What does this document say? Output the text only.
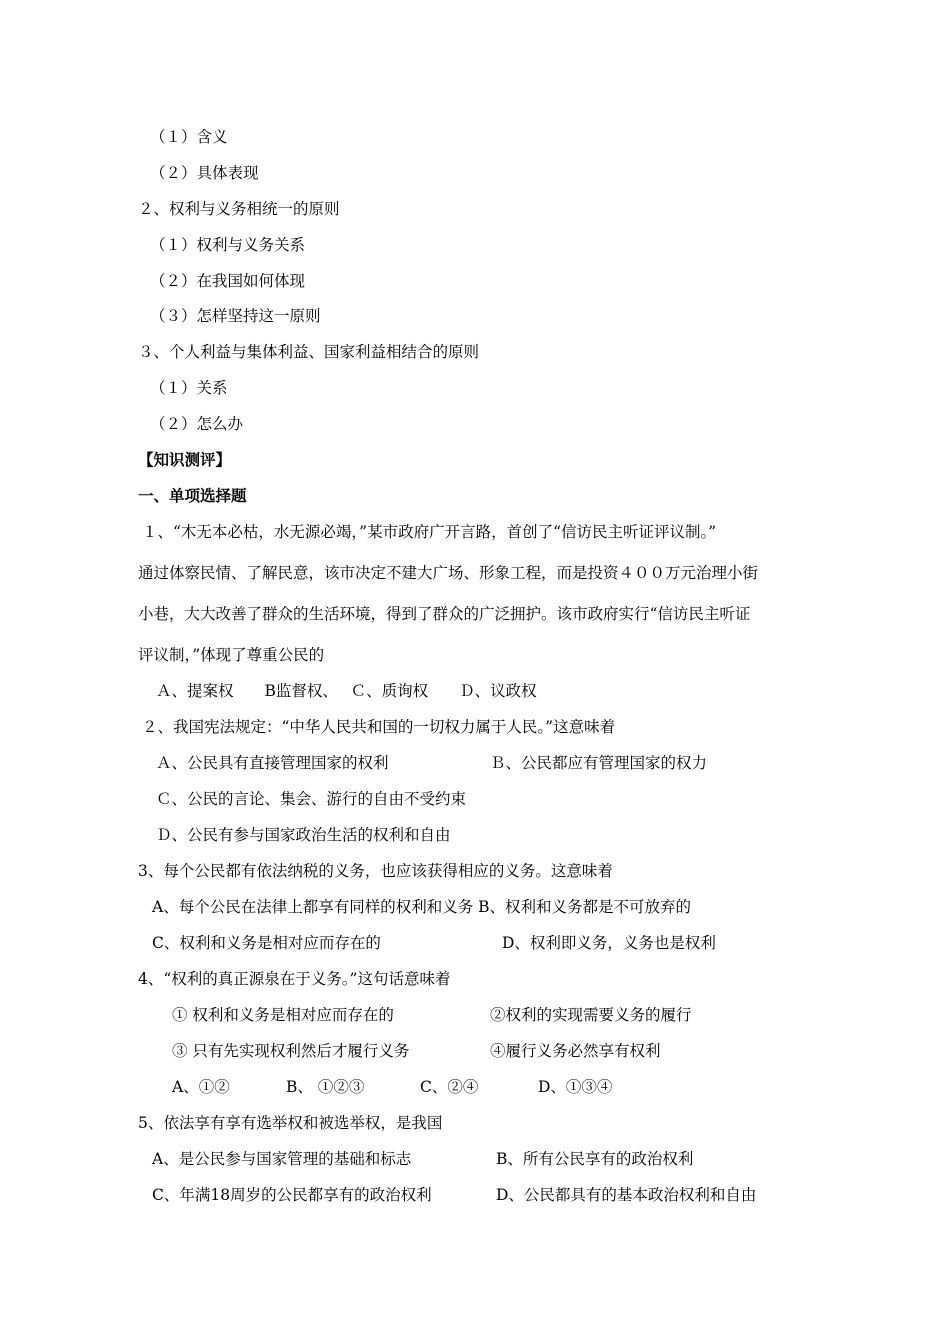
（１）含义
（２）具体表现
２、权利与义务相统一的原则
（１）权利与义务关系
（２）在我国如何体现
（３）怎样坚持这一原则
３、个人利益与集体利益、国家利益相结合的原则
（１）关系
（２）怎么办
【知识测评】
一、单项选择题
１、“木无本必枯，水无源必竭，”某市政府广开言路，首创了“信访民主听证评议制。”
通过体察民情、了解民意，该市决定不建大广场、形象工程，而是投资４００万元治理小街
小巷，大大改善了群众的生活环境，得到了群众的广泛拥护。该市政府实行“信访民主听证
评议制，”体现了尊重公民的
Ａ、提案权　　B监督权、　 Ｃ、质询权　　Ｄ、议政权
２、我国宪法规定：“中华人民共和国的一切权力属于人民。”这意味着
Ａ、公民具有直接管理国家的权利	Ｂ、公民都应有管理国家的权力
Ｃ、公民的言论、集会、游行的自由不受约束
Ｄ、公民有参与国家政治生活的权利和自由
3、每个公民都有依法纳税的义务，也应该获得相应的义务。这意味着
A、每个公民在法律上都享有同样的权利和义务 B、权利和义务都是不可放弃的
C、权利和义务是相对应而存在的	D、权利即义务，义务也是权利
4、“权利的真正源泉在于义务。”这句话意味着
① 权利和义务是相对应而存在的	②权利的实现需要义务的履行
③ 只有先实现权利然后才履行义务	④履行义务必然享有权利
A、①②	B、 ①②③	C、②④	D、①③④
5、依法享有享有选举权和被选举权，是我国
A、是公民参与国家管理的基础和标志	B、所有公民享有的政治权利
C、年满18周岁的公民都享有的政治权利	D、公民都具有的基本政治权利和自由
